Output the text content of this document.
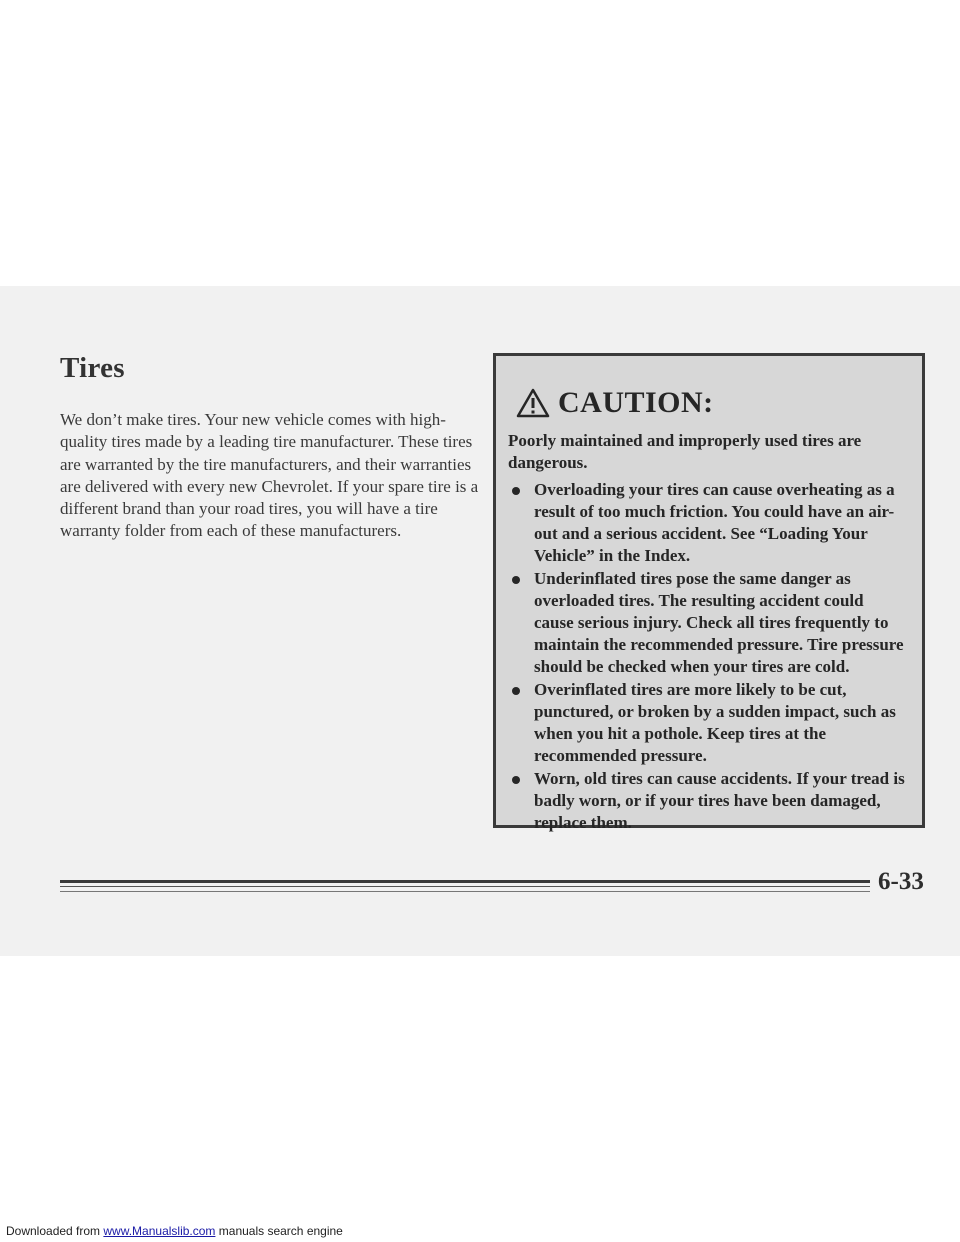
Tires

We don’t make tires. Your new vehicle comes with high-quality tires made by a leading tire manufacturer. These tires are warranted by the tire manufacturers, and their warranties are delivered with every new Chevrolet. If your spare tire is a different brand than your road tires, you will have a tire warranty folder from each of these manufacturers.

CAUTION:

Poorly maintained and improperly used tires are dangerous.

Overloading your tires can cause overheating as a result of too much friction. You could have an air-out and a serious accident. See “Loading Your Vehicle” in the Index.
Underinflated tires pose the same danger as overloaded tires. The resulting accident could cause serious injury. Check all tires frequently to maintain the recommended pressure. Tire pressure should be checked when your tires are cold.
Overinflated tires are more likely to be cut, punctured, or broken by a sudden impact, such as when you hit a pothole. Keep tires at the recommended pressure.
Worn, old tires can cause accidents. If your tread is badly worn, or if your tires have been damaged, replace them.
6-33
Downloaded from www.Manualslib.com manuals search engine
